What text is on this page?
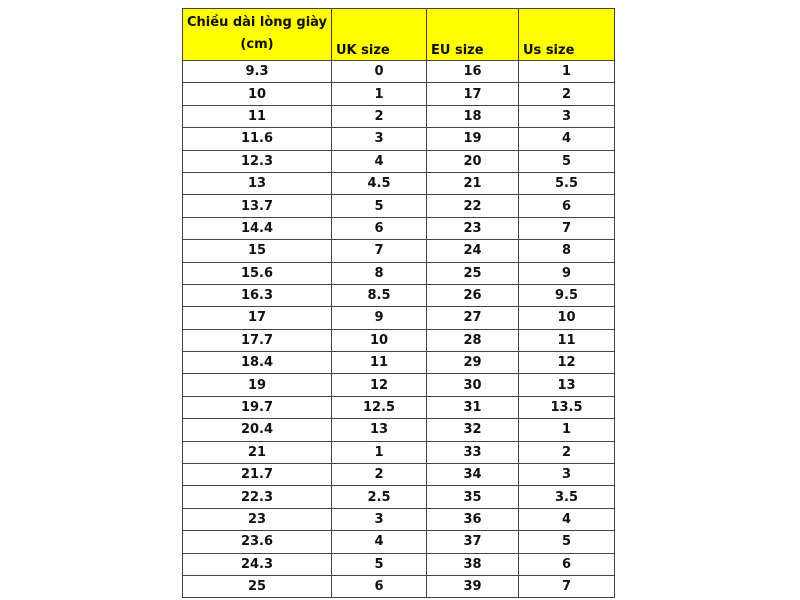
Chiều dài lòng giày (cm)	UK size	EU size	Us size
9.3	0	16	1
10	1	17	2
11	2	18	3
11.6	3	19	4
12.3	4	20	5
13	4.5	21	5.5
13.7	5	22	6
14.4	6	23	7
15	7	24	8
15.6	8	25	9
16.3	8.5	26	9.5
17	9	27	10
17.7	10	28	11
18.4	11	29	12
19	12	30	13
19.7	12.5	31	13.5
20.4	13	32	1
21	1	33	2
21.7	2	34	3
22.3	2.5	35	3.5
23	3	36	4
23.6	4	37	5
24.3	5	38	6
25	6	39	7
